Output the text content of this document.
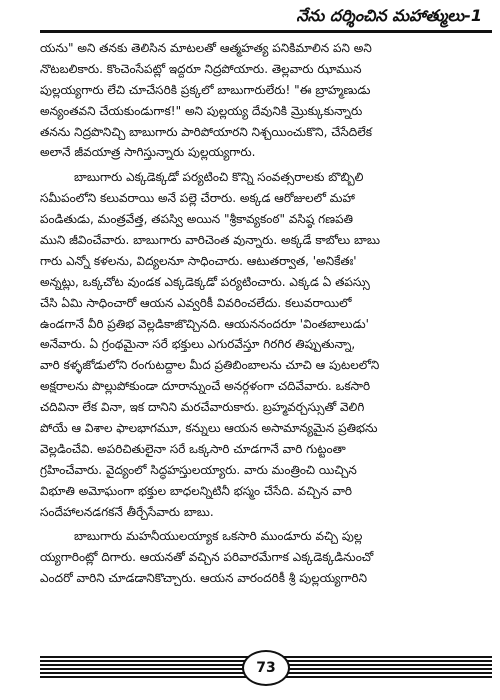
నేను దర్శించిన మహాత్ములు-1
యను" అని తనకు తెలిసిన మాటలతో ఆత్మహత్య పనికిమాలిన పని అని
నొటబలికారు. కొంచెంసేపట్లో ఇద్దరూ నిద్రపోయారు. తెల్లవారు ఝామున
పుల్లయ్యగారు లేచి చూచేసరికి ప్రక్కలో బాబుగారులేరు! "ఈ బ్రాహ్మణుడు
అన్యంతవని చేయకుండుగాక!" అని పుల్లయ్య దేవునికి మ్రొక్కుకున్నారు
తనను నిద్రపొనిచ్చి బాబుగారు పారిపోయారని నిశ్చయించుకొని, చేసేదిలేక
అలానే జీవయాత్ర సాగిస్తున్నారు పుల్లయ్యగారు.
బాబుగారు ఎక్కడెక్కడో పర్యటించి కొన్ని సంవత్సరాలకు బొబ్బిలి
సమీపంలోని కలువరాయి అనే పల్లె చేరారు. అక్కడ ఆరోజులలో మహా
పండితుడు, మంత్రవేత్త, తపస్వి అయిన "శ్రీకావ్యకంఠ" వసిష్ఠ గణపతి
ముని జీవించేవారు. బాబుగారు వారిచెంత వున్నారు. అక్కడే కాబోలు బాబు
గారు ఎన్నో కళలను, విద్యలనూ సాధించారు. ఆటుతర్వాత, 'అనికేతః'
అన్నట్లు, ఒక్కచోట వుండక ఎక్కడెక్కడో పర్యటించారు. ఎక్కడ ఏ తపస్సు
చేసి ఏమి సాధించారో ఆయన ఎవ్వరికీ వివరించలేదు. కలువరాయిలో
ఉండగానే వీరి ప్రతిభ వెల్లడికాజొచ్చినది. ఆయననందరూ 'వింతబాలుడు'
అనేవారు. ఏ గ్రంథమైనా సరే భక్తులు ఎగురవేస్తూ గిరగిర తిప్పుతున్నా,
వారి కళ్ళజోడులోని రంగుటద్దాల మీద ప్రతిబింబాలను చూచి ఆ పుటలలోని
అక్షరాలను పొల్లుపోకుండా దూరాన్నుంచే అనర్గళంగా చదివేవారు. ఒకసారి
చదివినా లేక వినా, ఇక దానిని మరచేవారుకారు. బ్రహ్మవర్చస్సుతో వెలిగి
పోయే ఆ విశాల ఫాలభాగమూ, కన్నులు ఆయన అసామాన్యమైన ప్రతిభను
వెల్లడించేవి. అపరిచితులైనా సరే ఒక్కసారి చూడగానే వారి గుట్టంతా
గ్రహించేవారు. వైద్యంలో సిద్ధహస్తులయ్యారు. వారు మంత్రించి యిచ్చిన
విభూతి అమోఘంగా భక్తుల బాధలన్నిటినీ భస్మం చేసేది. వచ్చిన వారి
సందేహాలనడగకనే తీర్చేసేవారు బాబు.
బాబుగారు మహనీయులయ్యాక ఒకసారి ముండూరు వచ్చి పుల్ల
య్యగారింట్లో దిగారు. ఆయనతో వచ్చిన పరివారమేగాక ఎక్కడెక్కడినుంచో
ఎందరో వారిని చూడడానికొచ్చారు. ఆయన వారందరికీ శ్రీ పుల్లయ్యగారిని
73
